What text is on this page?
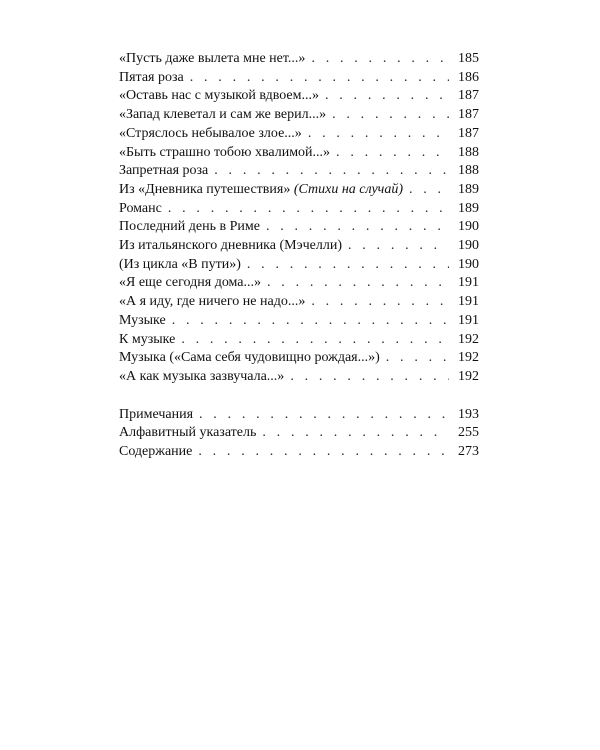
«Пусть даже вылета мне нет...» . . .	185
Пятая роза . . .	186
«Оставь нас с музыкой вдвоем...» . . .	187
«Запад клеветал и сам же верил...» . . .	187
«Стряслось небывалое злое...» . . .	187
«Быть страшно тобою хвалимой...» . . .	188
Запретная роза . . .	188
Из «Дневника путешествия» (Стихи на случай) . . .	189
Романс . . .	189
Последний день в Риме . . .	190
Из итальянского дневника (Мэчелли) . . .	190
(Из цикла «В пути») . . .	190
«Я еще сегодня дома...» . . .	191
«А я иду, где ничего не надо...» . . .	191
Музыке . . .	191
К музыке . . .	192
Музыка («Сама себя чудовищно рождая...») . . .	192
«А как музыка зазвучала...» . . .	192
Примечания . . .	193
Алфавитный указатель . . .	255
Содержание . . .	273
